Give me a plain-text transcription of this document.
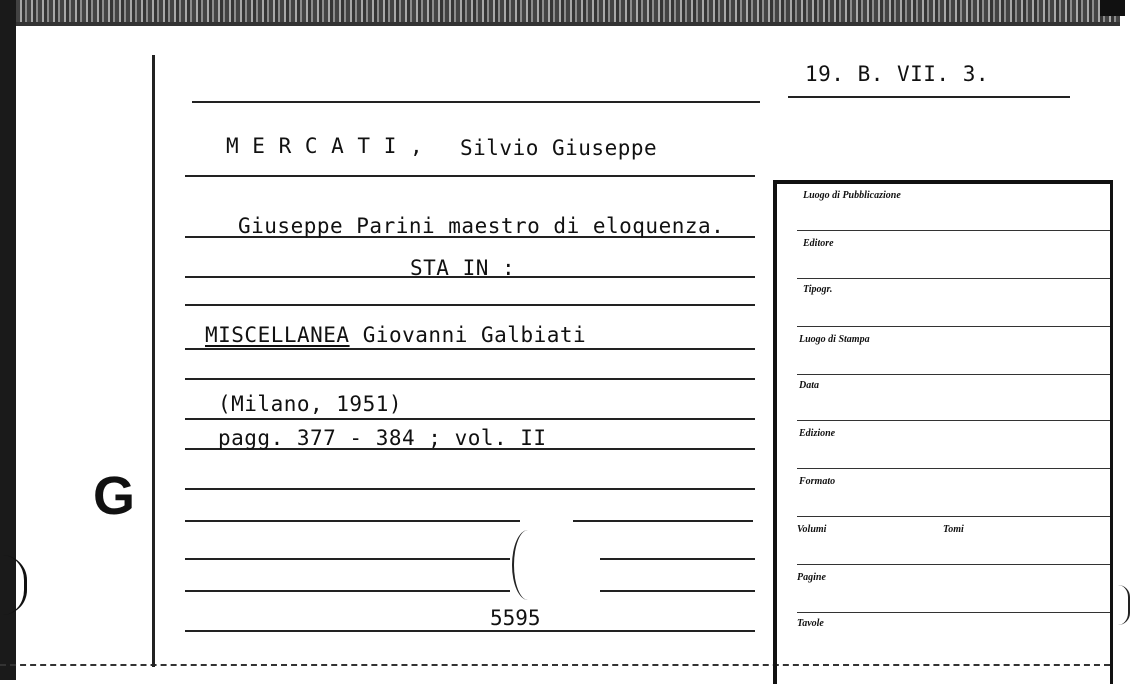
19. B. VII. 3.
M E R C A T I , Silvio Giuseppe
Giuseppe Parini maestro di eloquenza.
STA IN :
MISCELLANEA Giovanni Galbiati
(Milano, 1951)
pagg. 377 - 384 ; vol. II
G
5595
Luogo di Pubblicazione
Editore
Tipogr.
Luogo di Stampa
Data
Edizione
Formato
Volumi	Tomi
Pagine
Tavole
